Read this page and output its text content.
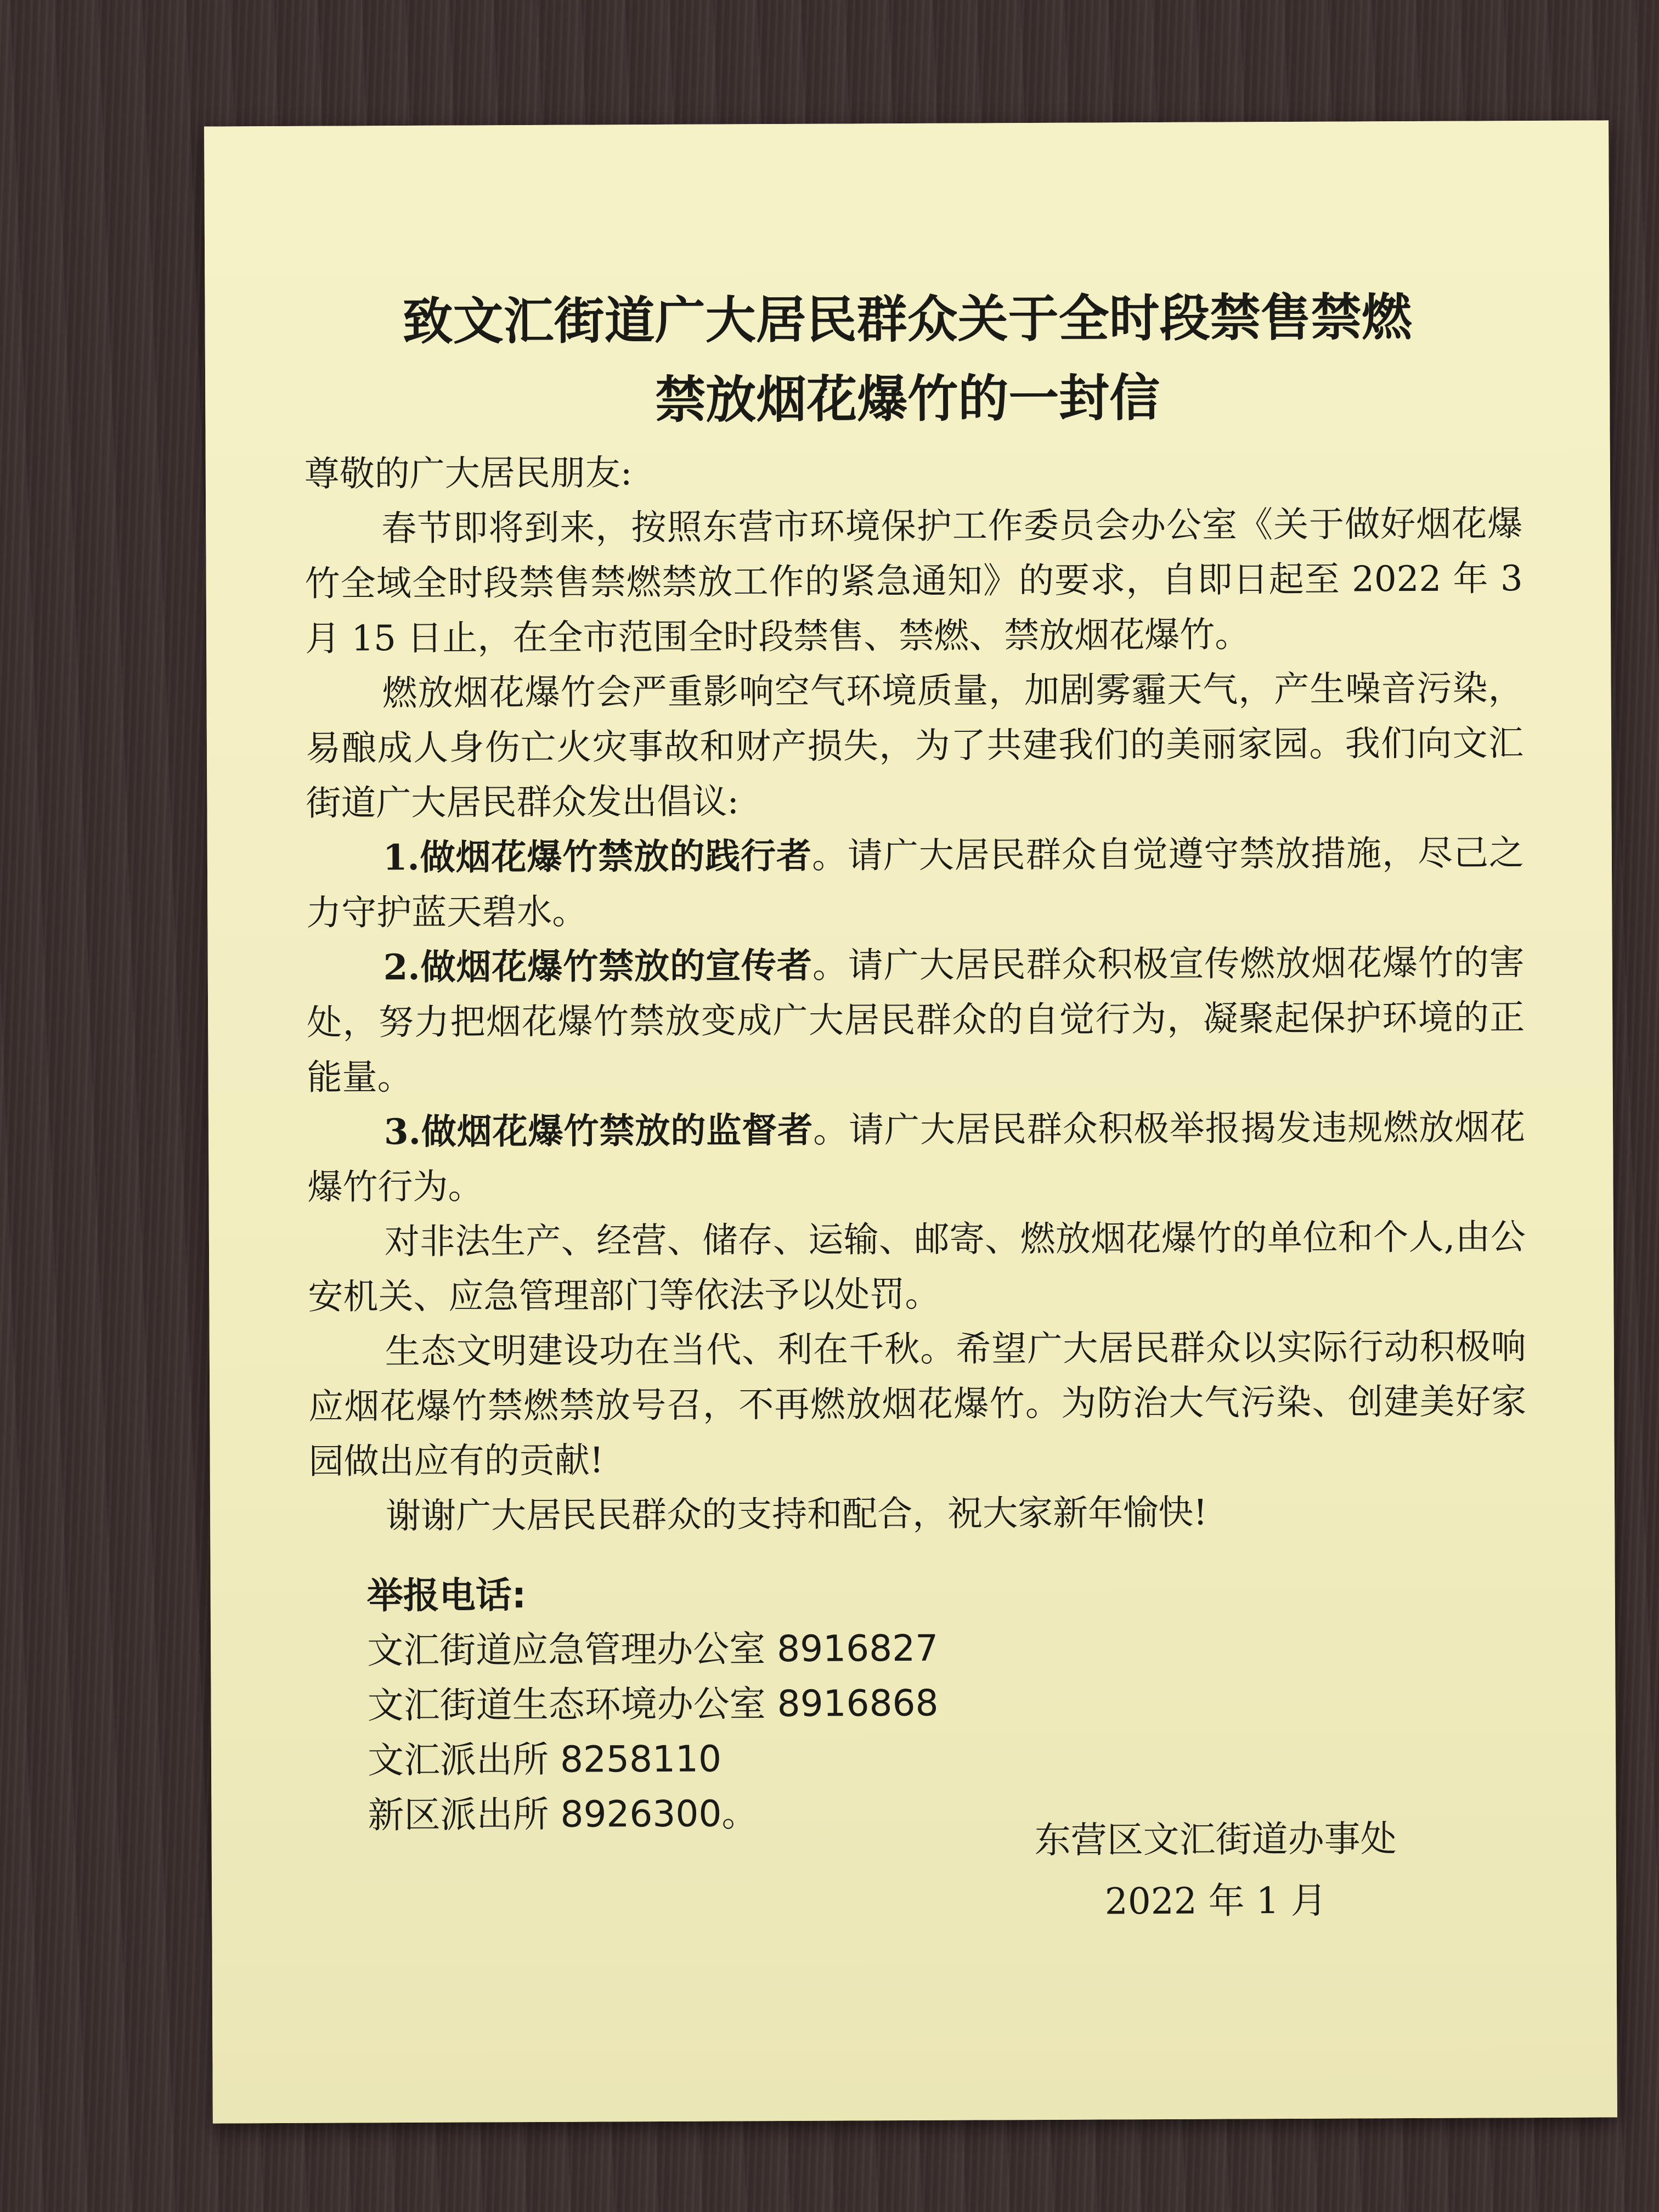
致文汇街道广大居民群众关于全时段禁售禁燃
禁放烟花爆竹的一封信

尊敬的广大居民朋友:

春节即将到来，按照东营市环境保护工作委员会办公室《关于做好烟花爆竹全域全时段禁售禁燃禁放工作的紧急通知》的要求，自即日起至 2022 年 3月 15 日止，在全市范围全时段禁售、禁燃、禁放烟花爆竹。

燃放烟花爆竹会严重影响空气环境质量，加剧雾霾天气，产生噪音污染，易酿成人身伤亡火灾事故和财产损失，为了共建我们的美丽家园。我们向文汇街道广大居民群众发出倡议:

1.做烟花爆竹禁放的践行者。请广大居民群众自觉遵守禁放措施，尽己之力守护蓝天碧水。

2.做烟花爆竹禁放的宣传者。请广大居民群众积极宣传燃放烟花爆竹的害处，努力把烟花爆竹禁放变成广大居民群众的自觉行为，凝聚起保护环境的正能量。

3.做烟花爆竹禁放的监督者。请广大居民群众积极举报揭发违规燃放烟花爆竹行为。

对非法生产、经营、储存、运输、邮寄、燃放烟花爆竹的单位和个人,由公安机关、应急管理部门等依法予以处罚。

生态文明建设功在当代、利在千秋。希望广大居民群众以实际行动积极响应烟花爆竹禁燃禁放号召，不再燃放烟花爆竹。为防治大气污染、创建美好家园做出应有的贡献!

谢谢广大居民民群众的支持和配合，祝大家新年愉快!

举报电话:
文汇街道应急管理办公室 8916827
文汇街道生态环境办公室 8916868
文汇派出所 8258110
新区派出所 8926300。
东营区文汇街道办事处
2022 年 1 月
